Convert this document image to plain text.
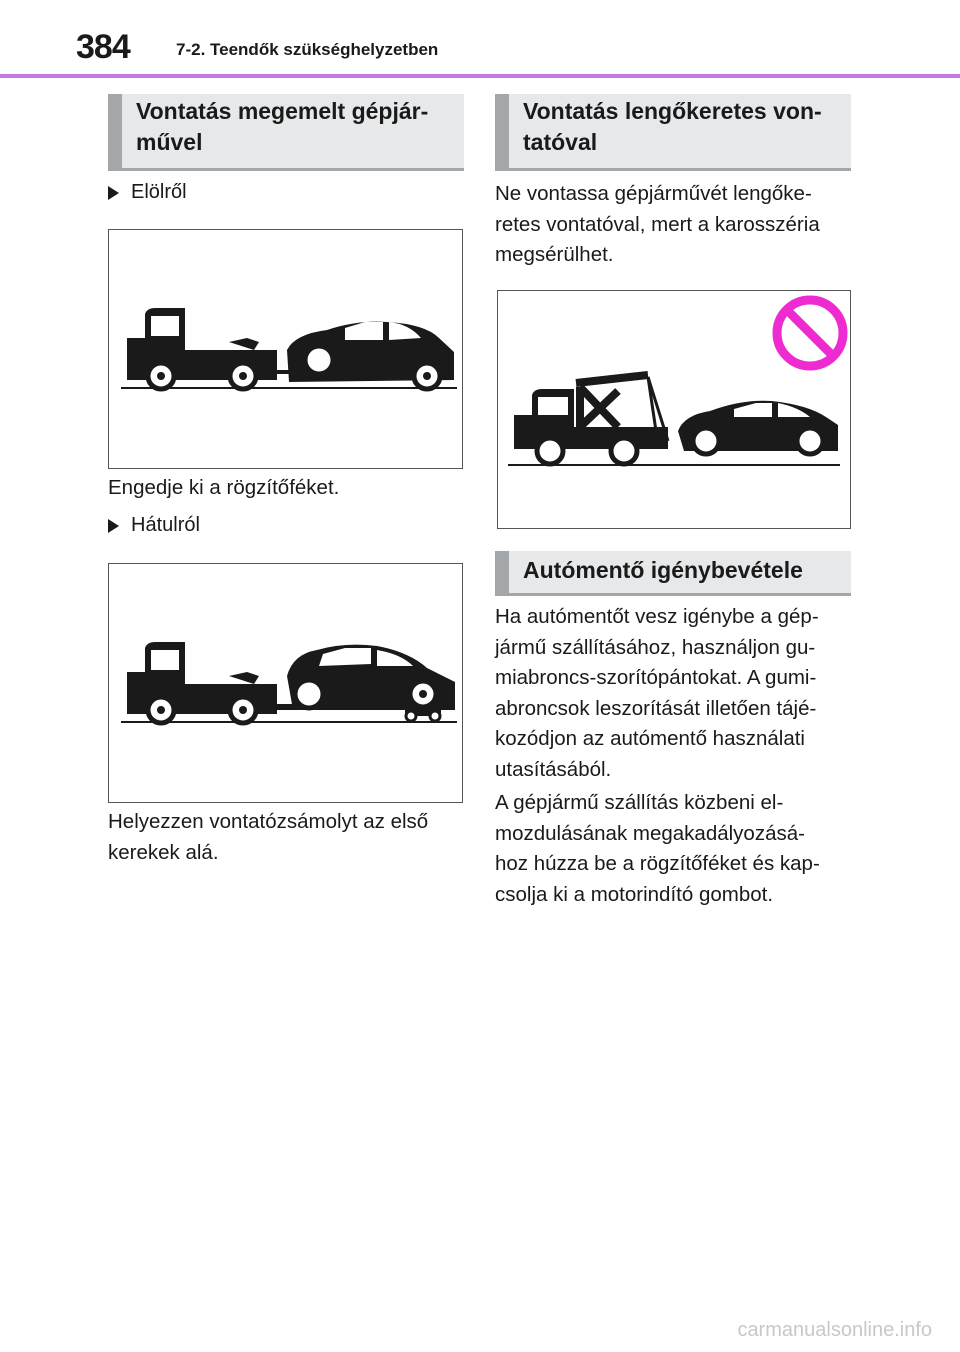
384	7-2. Teendők szükséghelyzetben
Vontatás megemelt gépjár-
művel
Elölről
Engedje ki a rögzítőféket.
Hátulról
Helyezzen vontatózsámolyt az első
kerekek alá.
Vontatás lengőkeretes von-
tatóval
Ne vontassa gépjárművét lengőke-
retes vontatóval, mert a karosszéria
megsérülhet.
Autómentő igénybevétele
Ha autómentőt vesz igénybe a gép-
jármű szállításához, használjon gu-
miabroncs-szorítópántokat. A gumi-
abroncsok leszorítását illetően tájé-
kozódjon az autómentő használati
utasításából.
A gépjármű szállítás közbeni el-
mozdulásának megakadályozásá-
hoz húzza be a rögzítőféket és kap-
csolja ki a motorindító gombot.
carmanualsonline.info
